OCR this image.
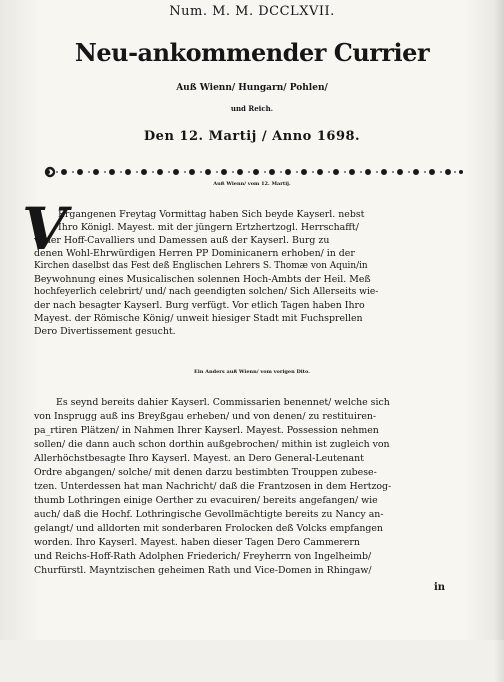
Num. M. M. DCCLXVII.
Neu-ankommender Currier
Auß Wienn/ Hungarn/ Pohlen/
und Reich.
Den 12. Martij / Anno 1698.
Auß Wienn/ vom 12. Martij.
V
Ergangenen Freytag Vormittag haben Sich beyde Kayserl. nebst
Ihro Königl. Mayest. mit der jüngern Ertzhertzogl. Herrschafft/
vieler Hoff-Cavalliers und Damessen auß der Kayserl. Burg zu
denen Wohl-Ehrwürdigen Herren PP Dominicanern erhoben/ in der
Kirchen daselbst das Fest deß Englischen Lehrers S. Thomæ von Aquin/in
Beywohnung eines Musicalischen solennen Hoch-Ambts der Heil. Meß
hochfeyerlich celebrirt/ und/ nach geendigten solchen/ Sich Allerseits wie-
der nach besagter Kayserl. Burg verfügt. Vor etlich Tagen haben Ihro
Mayest. der Römische König/ unweit hiesiger Stadt mit Fuchsprellen
Dero Divertissement gesucht.
Ein Anders auß Wienn/ vom vorigen Dito.
Es seynd bereits dahier Kayserl. Commissarien benennet/ welche sich
von Insprugg auß ins Breyßgau erheben/ und von denen/ zu restituiren-
pa_rtiren Plätzen/ in Nahmen Ihrer Kayserl. Mayest. Possession nehmen
sollen/ die dann auch schon dorthin außgebrochen/ mithin ist zugleich von
Allerhöchstbesagte Ihro Kayserl. Mayest. an Dero General-Leutenant
Ordre abgangen/ solche/ mit denen darzu bestimbten Trouppen zubese-
tzen. Unterdessen hat man Nachricht/ daß die Frantzosen in dem Hertzog-
thumb Lothringen einige Oerther zu evacuiren/ bereits angefangen/ wie
auch/ daß die Hochf. Lothringische Gevollmächtigte bereits zu Nancy an-
gelangt/ und alldorten mit sonderbaren Frolocken deß Volcks empfangen
worden. Ihro Kayserl. Mayest. haben dieser Tagen Dero Cammerern
und Reichs-Hoff-Rath Adolphen Friederich/ Freyherrn von Ingelheimb/
Churfürstl. Mayntzischen geheimen Rath und Vice-Domen in Rhingaw/
in
